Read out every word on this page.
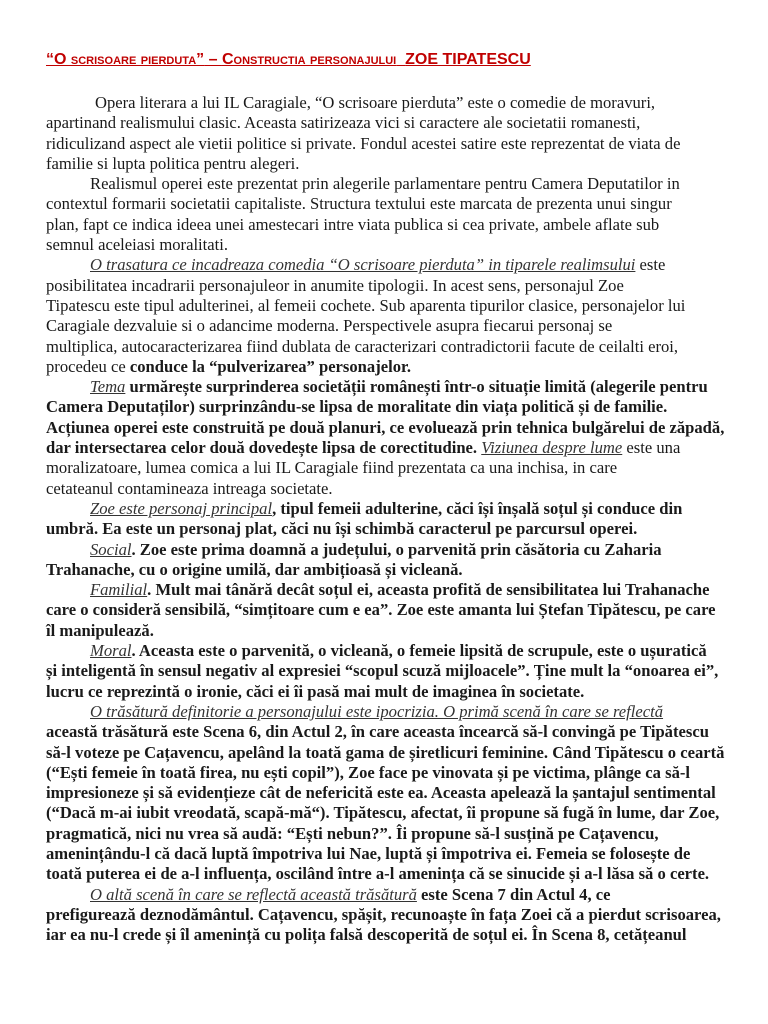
“O scrisoare pierduta” – Constructia personajului ZOE TIPATESCU
Opera literara a lui IL Caragiale, “O scrisoare pierduta” este o comedie de moravuri,
apartinand realismului clasic. Aceasta satirizeaza vici si caractere ale societatii romanesti,
ridiculizand aspect ale vietii politice si private. Fondul acestei satire este reprezentat de viata de
familie si lupta politica pentru alegeri.
Realismul operei este prezentat prin alegerile parlamentare pentru Camera Deputatilor in
contextul formarii societatii capitaliste. Structura textului este marcata de prezenta unui singur
plan, fapt ce indica ideea unei amestecari intre viata publica si cea private, ambele aflate sub
semnul aceleiasi moralitati.
O trasatura ce incadreaza comedia “O scrisoare pierduta” in tiparele realimsului este
posibilitatea incadrarii personajuleor in anumite tipologii. In acest sens, personajul Zoe
Tipatescu este tipul adulterinei, al femeii cochete. Sub aparenta tipurilor clasice, personajelor lui
Caragiale dezvaluie si o adancime moderna. Perspectivele asupra fiecarui personaj se
multiplica, autocaracterizarea fiind dublata de caracterizari contradictorii facute de ceilalti eroi,
procedeu ce conduce la “pulverizarea” personajelor.
Tema urmărește surprinderea societății românești într-o situație limită (alegerile pentru
Camera Deputaților) surprinzându-se lipsa de moralitate din viața politică și de familie.
Acțiunea operei este construită pe două planuri, ce evoluează prin tehnica bulgărelui de zăpadă,
dar intersectarea celor două dovedește lipsa de corectitudine. Viziunea despre lume este una
moralizatoare, lumea comica a lui IL Caragiale fiind prezentata ca una inchisa, in care
cetateanul contamineaza intreaga societate.
Zoe este personaj principal, tipul femeii adulterine, căci își înșală soțul și conduce din
umbră. Ea este un personaj plat, căci nu își schimbă caracterul pe parcursul operei.
Social. Zoe este prima doamnă a județului, o parvenită prin căsătoria cu Zaharia
Trahanache, cu o origine umilă, dar ambițioasă și vicleană.
Familial. Mult mai tânără decât soțul ei, aceasta profită de sensibilitatea lui Trahanache
care o consideră sensibilă, “simțitoare cum e ea”. Zoe este amanta lui Ștefan Tipătescu, pe care
îl manipulează.
Moral. Aceasta este o parvenită, o vicleană, o femeie lipsită de scrupule, este o ușuratică
și inteligentă în sensul negativ al expresiei “scopul scuză mijloacele”. Ține mult la “onoarea ei”,
lucru ce reprezintă o ironie, căci ei îi pasă mai mult de imaginea în societate.
O trăsătură definitorie a personajului este ipocrizia. O primă scenă în care se reflectă
această trăsătură este Scena 6, din Actul 2, în care aceasta încearcă să-l convingă pe Tipătescu
să-l voteze pe Cațavencu, apelând la toată gama de șiretlicuri feminine. Când Tipătescu o ceartă
(“Ești femeie în toată firea, nu ești copil”), Zoe face pe vinovata și pe victima, plânge ca să-l
impresioneze și să evidențieze cât de nefericită este ea. Aceasta apelează la șantajul sentimental
(“Dacă m-ai iubit vreodată, scapă-mă“). Tipătescu, afectat, îi propune să fugă în lume, dar Zoe,
pragmatică, nici nu vrea să audă: “Ești nebun?”. Îi propune să-l susțină pe Cațavencu,
amenințându-l că dacă luptă împotriva lui Nae, luptă și împotriva ei. Femeia se folosește de
toată puterea ei de a-l influența, oscilând între a-l amenința că se sinucide și a-l lăsa să o certe.
O altă scenă în care se reflectă această trăsătură este Scena 7 din Actul 4, ce
prefigurează deznodământul. Cațavencu, spășit, recunoaște în fața Zoei că a pierdut scrisoarea,
iar ea nu-l crede și îl amenință cu polița falsă descoperită de soțul ei. În Scena 8, cetățeanul
